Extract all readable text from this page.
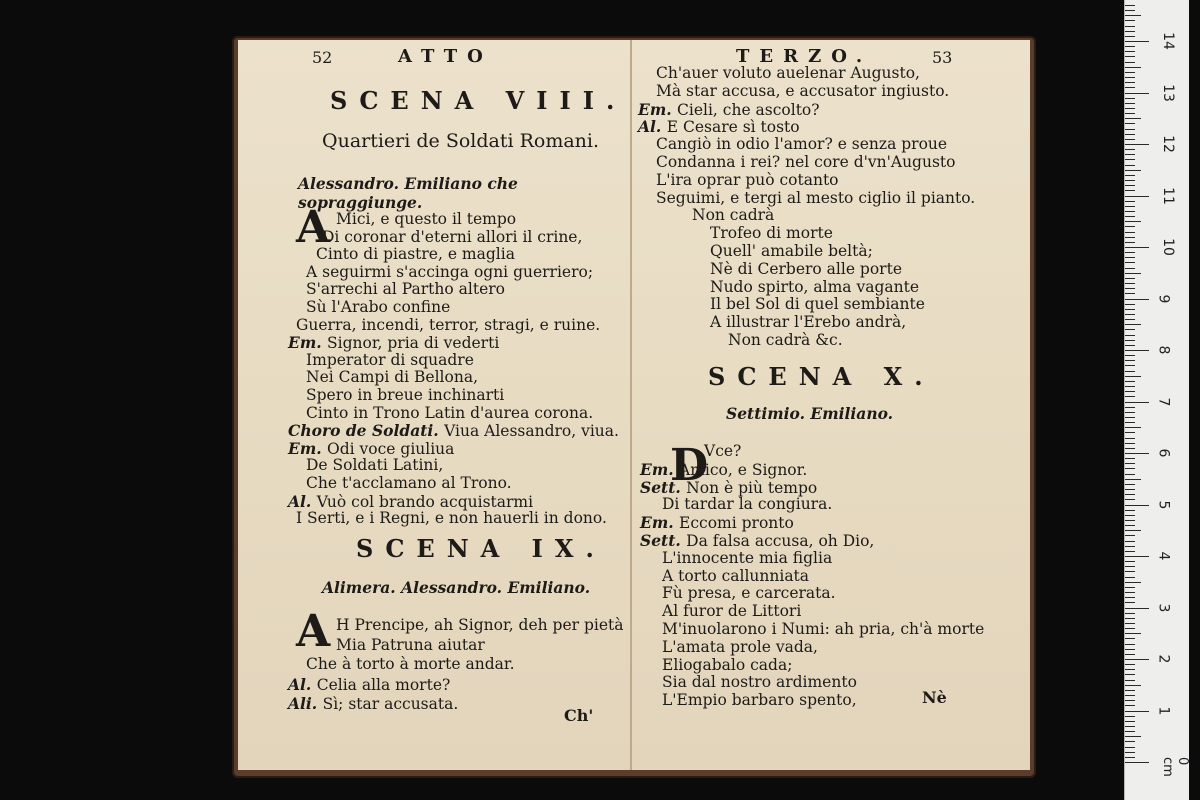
52	ATTO
SCENA VIII.
Quartieri de Soldati Romani.
Alessandro. Emiliano che sopraggiunge.
A Mici, e questo il tempo
Di coronar d'eterni allori il crine,
Cinto di piastre, e maglia
A seguirmi s'accinga ogni guerriero;
S'arrechi al Partho altero
Sù l'Arabo confine
Guerra, incendi, terror, stragi, e ruine.
Em. Signor, pria di vederti
Imperator di squadre
Nei Campi di Bellona,
Spero in breue inchinarti
Cinto in Trono Latin d'aurea corona.
Choro de Soldati. Viua Alessandro, viua.
Em. Odi voce giuliua
De Soldati Latini,
Che t'acclamano al Trono.
Al. Vuò col brando acquistarmi
I Serti, e i Regni, e non hauerli in dono.
SCENA IX.
Alimera. Alessandro. Emiliano.
A H Prencipe, ah Signor, deh per pietà
Mia Patruna aiutar
Che à torto à morte andar.
Al. Celia alla morte?
Ali. Sì; star accusata.
Ch'
TERZO.	53
Ch'auer voluto auelenar Augusto,
Mà star accusa, e accusator ingiusto.
Em. Cieli, che ascolto?
Al. E Cesare sì tosto
Cangiò in odio l'amor? e senza proue
Condanna i rei? nel core d'vn'Augusto
L'ira oprar può cotanto
Seguimi, e tergi al mesto ciglio il pianto.
Non cadrà
Trofeo di morte
Quell' amabile beltà;
Nè di Cerbero alle porte
Nudo spirto, alma vagante
Il bel Sol di quel sembiante
A illustrar l'Erebo andrà,
Non cadrà &c.
SCENA X.
Settimio. Emiliano.
D
Vce?
Em. Amico, e Signor.
Sett. Non è più tempo
Di tardar la congiura.
Em. Eccomi pronto
Sett. Da falsa accusa, oh Dio,
L'innocente mia figlia
A torto callunniata
Fù presa, e carcerata.
Al furor de Littori
M'inuolarono i Numi: ah pria, ch'à morte
L'amata prole vada,
Eliogabalo cada;
Sia dal nostro ardimento
L'Empio barbaro spento,	Nè
0 cm
1
2
3
4
5
6
7
8
9
10
11
12
13
14
